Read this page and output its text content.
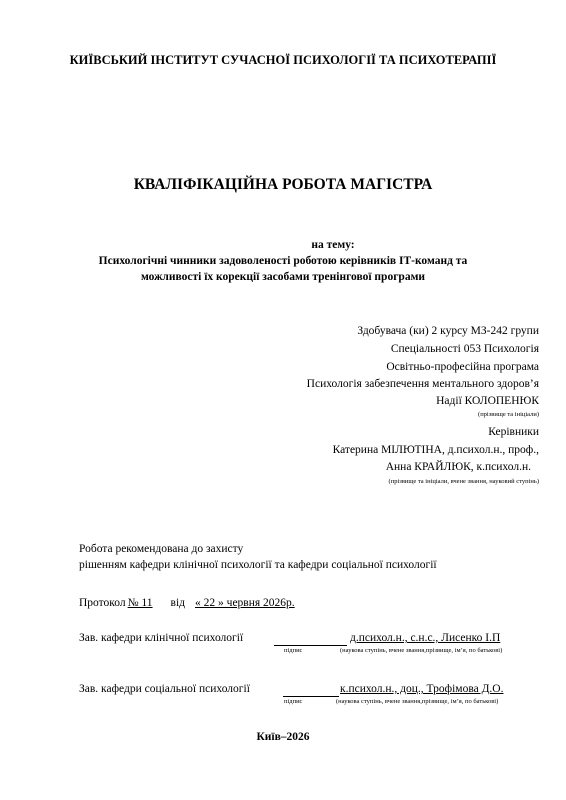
КИЇВСЬКИЙ ІНСТИТУТ СУЧАСНОЇ ПСИХОЛОГІЇ ТА ПСИХОТЕРАПІЇ
КВАЛІФІКАЦІЙНА РОБОТА МАГІСТРА
на тему:
Психологічні чинники задоволеності роботою керівників ІТ-команд та
можливості їх корекції засобами тренінгової програми
Здобувача (ки) 2 курсу МЗ-242 групи
Спеціальності 053 Психологія
Освітньо-професійна програма
Психологія забезпечення ментального здоров’я
Надії КОЛОПЕНЮК
(прізвище та ініціали)
Керівники
Катерина МІЛЮТІНА, д.психол.н., проф.,
Анна КРАЙЛЮК, к.психол.н.
(прізвище та ініціали, вчене звання, науковий ступінь)
Робота рекомендована до захисту
рішенням кафедри клінічної психології та кафедри соціальної психології
Протокол № 11 від « 22 » червня 2026р.
Зав. кафедри клінічної психології	д.психол.н., с.н.с., Лисенко І.П
підпис	(наукова ступінь, вчене звання,прізвище, ім’я, по батькові)
Зав. кафедри соціальної психології	к.психол.н., доц., Трофімова Д.О.
підпис	(наукова ступінь, вчене звання,прізвище, ім’я, по батькові)
Київ–2026
